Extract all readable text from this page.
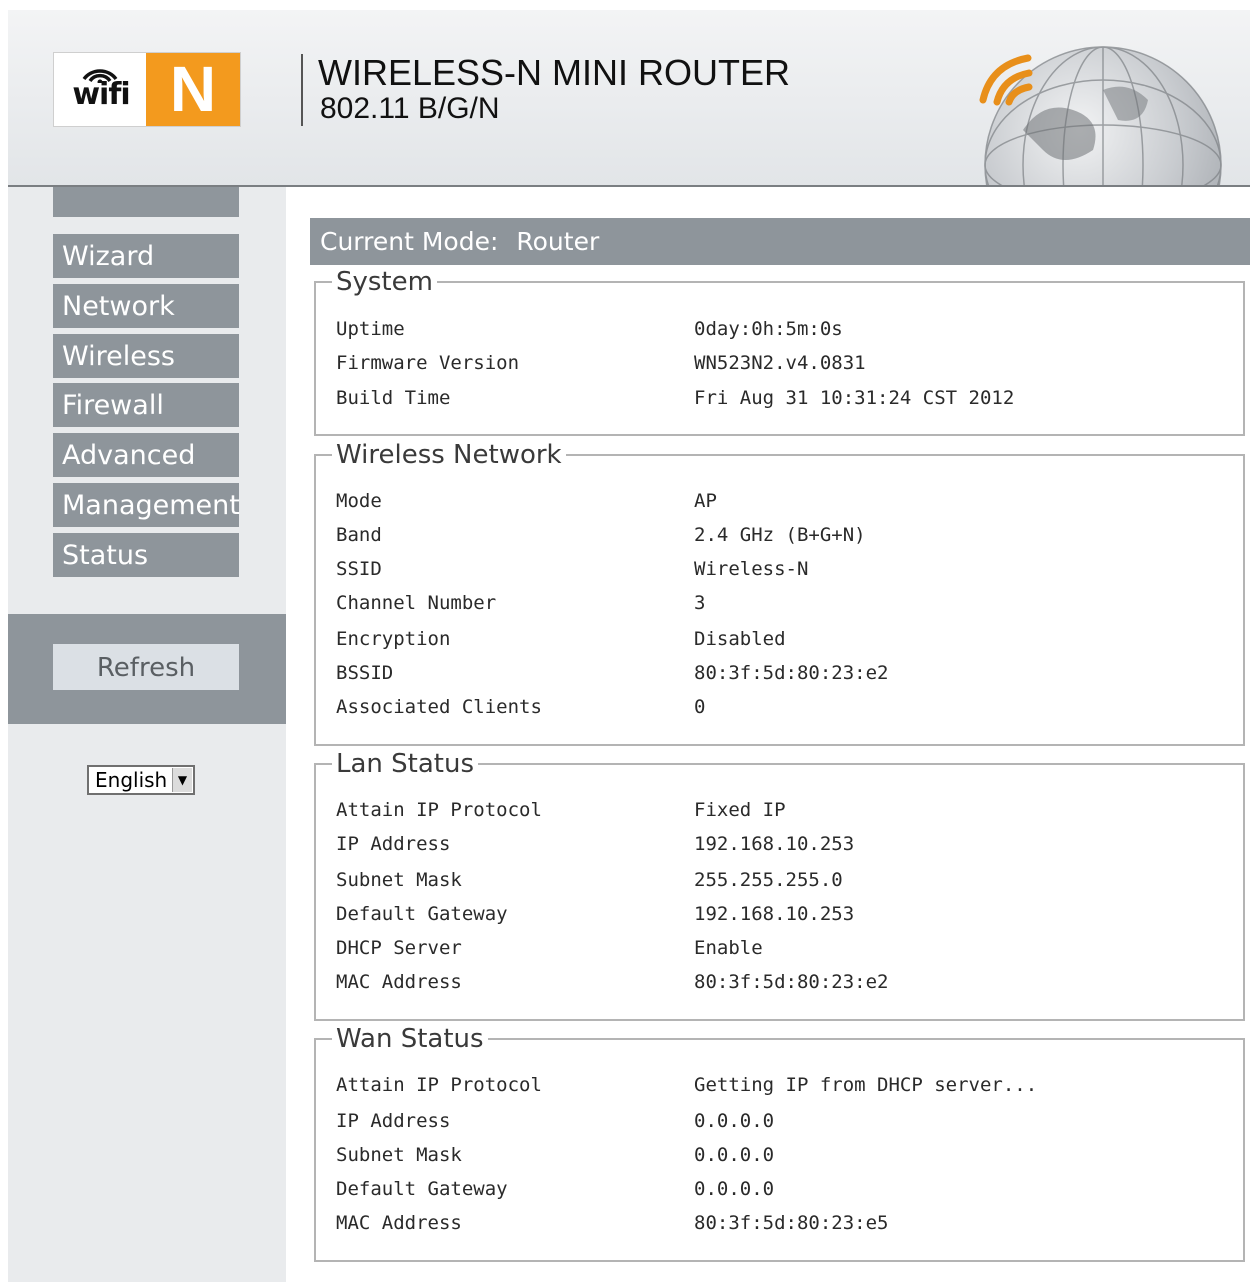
wifi N	WIRELESS-N MINI ROUTER
802.11 B/G/N
Wizard
Network
Wireless
Firewall
Advanced
Management
Status
Refresh
English ▼
Current Mode: Router
System
Uptime	0day:0h:5m:0s
Firmware Version	WN523N2.v4.0831
Build Time	Fri Aug 31 10:31:24 CST 2012
Wireless Network
Mode	AP
Band	2.4 GHz (B+G+N)
SSID	Wireless-N
Channel Number	3
Encryption	Disabled
BSSID	80:3f:5d:80:23:e2
Associated Clients	0
Lan Status
Attain IP Protocol	Fixed IP
IP Address	192.168.10.253
Subnet Mask	255.255.255.0
Default Gateway	192.168.10.253
DHCP Server	Enable
MAC Address	80:3f:5d:80:23:e2
Wan Status
Attain IP Protocol	Getting IP from DHCP server...
IP Address	0.0.0.0
Subnet Mask	0.0.0.0
Default Gateway	0.0.0.0
MAC Address	80:3f:5d:80:23:e5
